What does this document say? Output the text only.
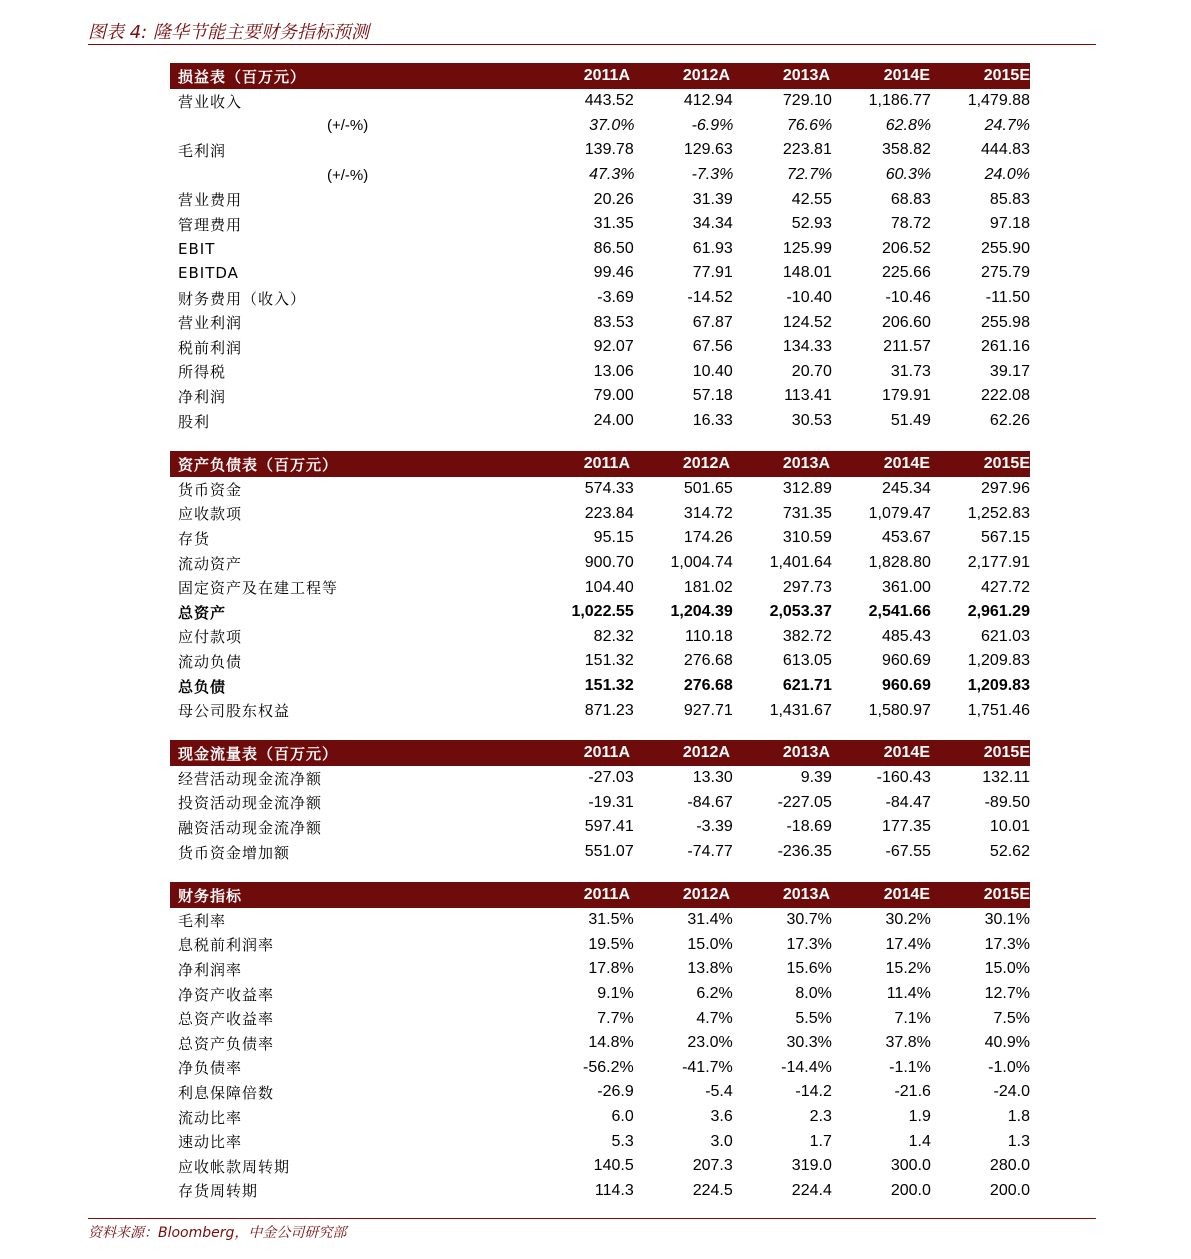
图表 4: 隆华节能主要财务指标预测
损益表（百万元）	2011A	2012A	2013A	2014E	2015E
营业收入	443.52	412.94	729.10	1,186.77	1,479.88
(+/-%)	37.0%	-6.9%	76.6%	62.8%	24.7%
毛利润	139.78	129.63	223.81	358.82	444.83
(+/-%)	47.3%	-7.3%	72.7%	60.3%	24.0%
营业费用	20.26	31.39	42.55	68.83	85.83
管理费用	31.35	34.34	52.93	78.72	97.18
EBIT	86.50	61.93	125.99	206.52	255.90
EBITDA	99.46	77.91	148.01	225.66	275.79
财务费用（收入）	-3.69	-14.52	-10.40	-10.46	-11.50
营业利润	83.53	67.87	124.52	206.60	255.98
税前利润	92.07	67.56	134.33	211.57	261.16
所得税	13.06	10.40	20.70	31.73	39.17
净利润	79.00	57.18	113.41	179.91	222.08
股利	24.00	16.33	30.53	51.49	62.26
资产负债表（百万元）	2011A	2012A	2013A	2014E	2015E
货币资金	574.33	501.65	312.89	245.34	297.96
应收款项	223.84	314.72	731.35	1,079.47	1,252.83
存货	95.15	174.26	310.59	453.67	567.15
流动资产	900.70	1,004.74	1,401.64	1,828.80	2,177.91
固定资产及在建工程等	104.40	181.02	297.73	361.00	427.72
总资产	1,022.55	1,204.39	2,053.37	2,541.66	2,961.29
应付款项	82.32	110.18	382.72	485.43	621.03
流动负债	151.32	276.68	613.05	960.69	1,209.83
总负债	151.32	276.68	621.71	960.69	1,209.83
母公司股东权益	871.23	927.71	1,431.67	1,580.97	1,751.46
现金流量表（百万元）	2011A	2012A	2013A	2014E	2015E
经营活动现金流净额	-27.03	13.30	9.39	-160.43	132.11
投资活动现金流净额	-19.31	-84.67	-227.05	-84.47	-89.50
融资活动现金流净额	597.41	-3.39	-18.69	177.35	10.01
货币资金增加额	551.07	-74.77	-236.35	-67.55	52.62
财务指标	2011A	2012A	2013A	2014E	2015E
毛利率	31.5%	31.4%	30.7%	30.2%	30.1%
息税前利润率	19.5%	15.0%	17.3%	17.4%	17.3%
净利润率	17.8%	13.8%	15.6%	15.2%	15.0%
净资产收益率	9.1%	6.2%	8.0%	11.4%	12.7%
总资产收益率	7.7%	4.7%	5.5%	7.1%	7.5%
总资产负债率	14.8%	23.0%	30.3%	37.8%	40.9%
净负债率	-56.2%	-41.7%	-14.4%	-1.1%	-1.0%
利息保障倍数	-26.9	-5.4	-14.2	-21.6	-24.0
流动比率	6.0	3.6	2.3	1.9	1.8
速动比率	5.3	3.0	1.7	1.4	1.3
应收帐款周转期	140.5	207.3	319.0	300.0	280.0
存货周转期	114.3	224.5	224.4	200.0	200.0
资料来源：Bloomberg，中金公司研究部
